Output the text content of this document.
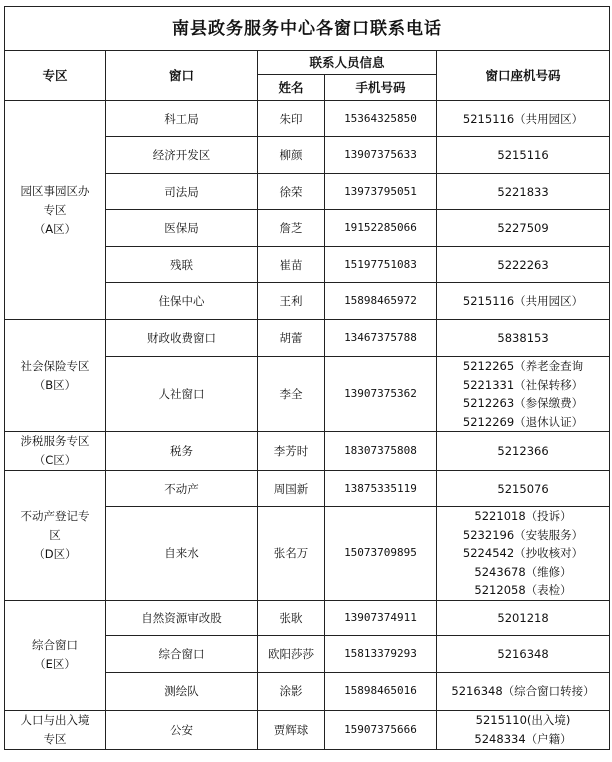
南县政务服务中心各窗口联系电话				
专区	窗口	联系人员信息		窗口座机号码
		姓名	手机号码	

园区事园区办
专区
（A区）	科工局	朱印	15364325850	5215116（共用园区）

	经济开发区	柳颜	13907375633	5215116

	司法局	徐荣	13973795051	5221833

	医保局	詹芝	19152285066	5227509

	残联	崔苗	15197751083	5222263

	住保中心	王利	15898465972	5215116（共用园区）

社会保险专区
（B区）	财政收费窗口	胡蕾	13467375788	5838153

	人社窗口	李全	13907375362	5212265（养老金查询
5221331（社保转移）
5212263（参保缴费）
5212269（退休认证）

涉税服务专区
（C区）	税务	李芳时	18307375808	5212366

不动产登记专
区
（D区）	不动产	周国新	13875335119	5215076

	自来水	张名万	15073709895	5221018（投诉）
5232196（安装服务）
5224542（抄收核对）
5243678（维修）
5212058（表检）

综合窗口
（E区）	自然资源审改股	张耿	13907374911	5201218

	综合窗口	欧阳莎莎	15813379293	5216348

	测绘队	涂影	15898465016	5216348（综合窗口转接）

人口与出入境
专区	公安	贾辉球	15907375666	5215110(出入境)
5248334（户籍）
